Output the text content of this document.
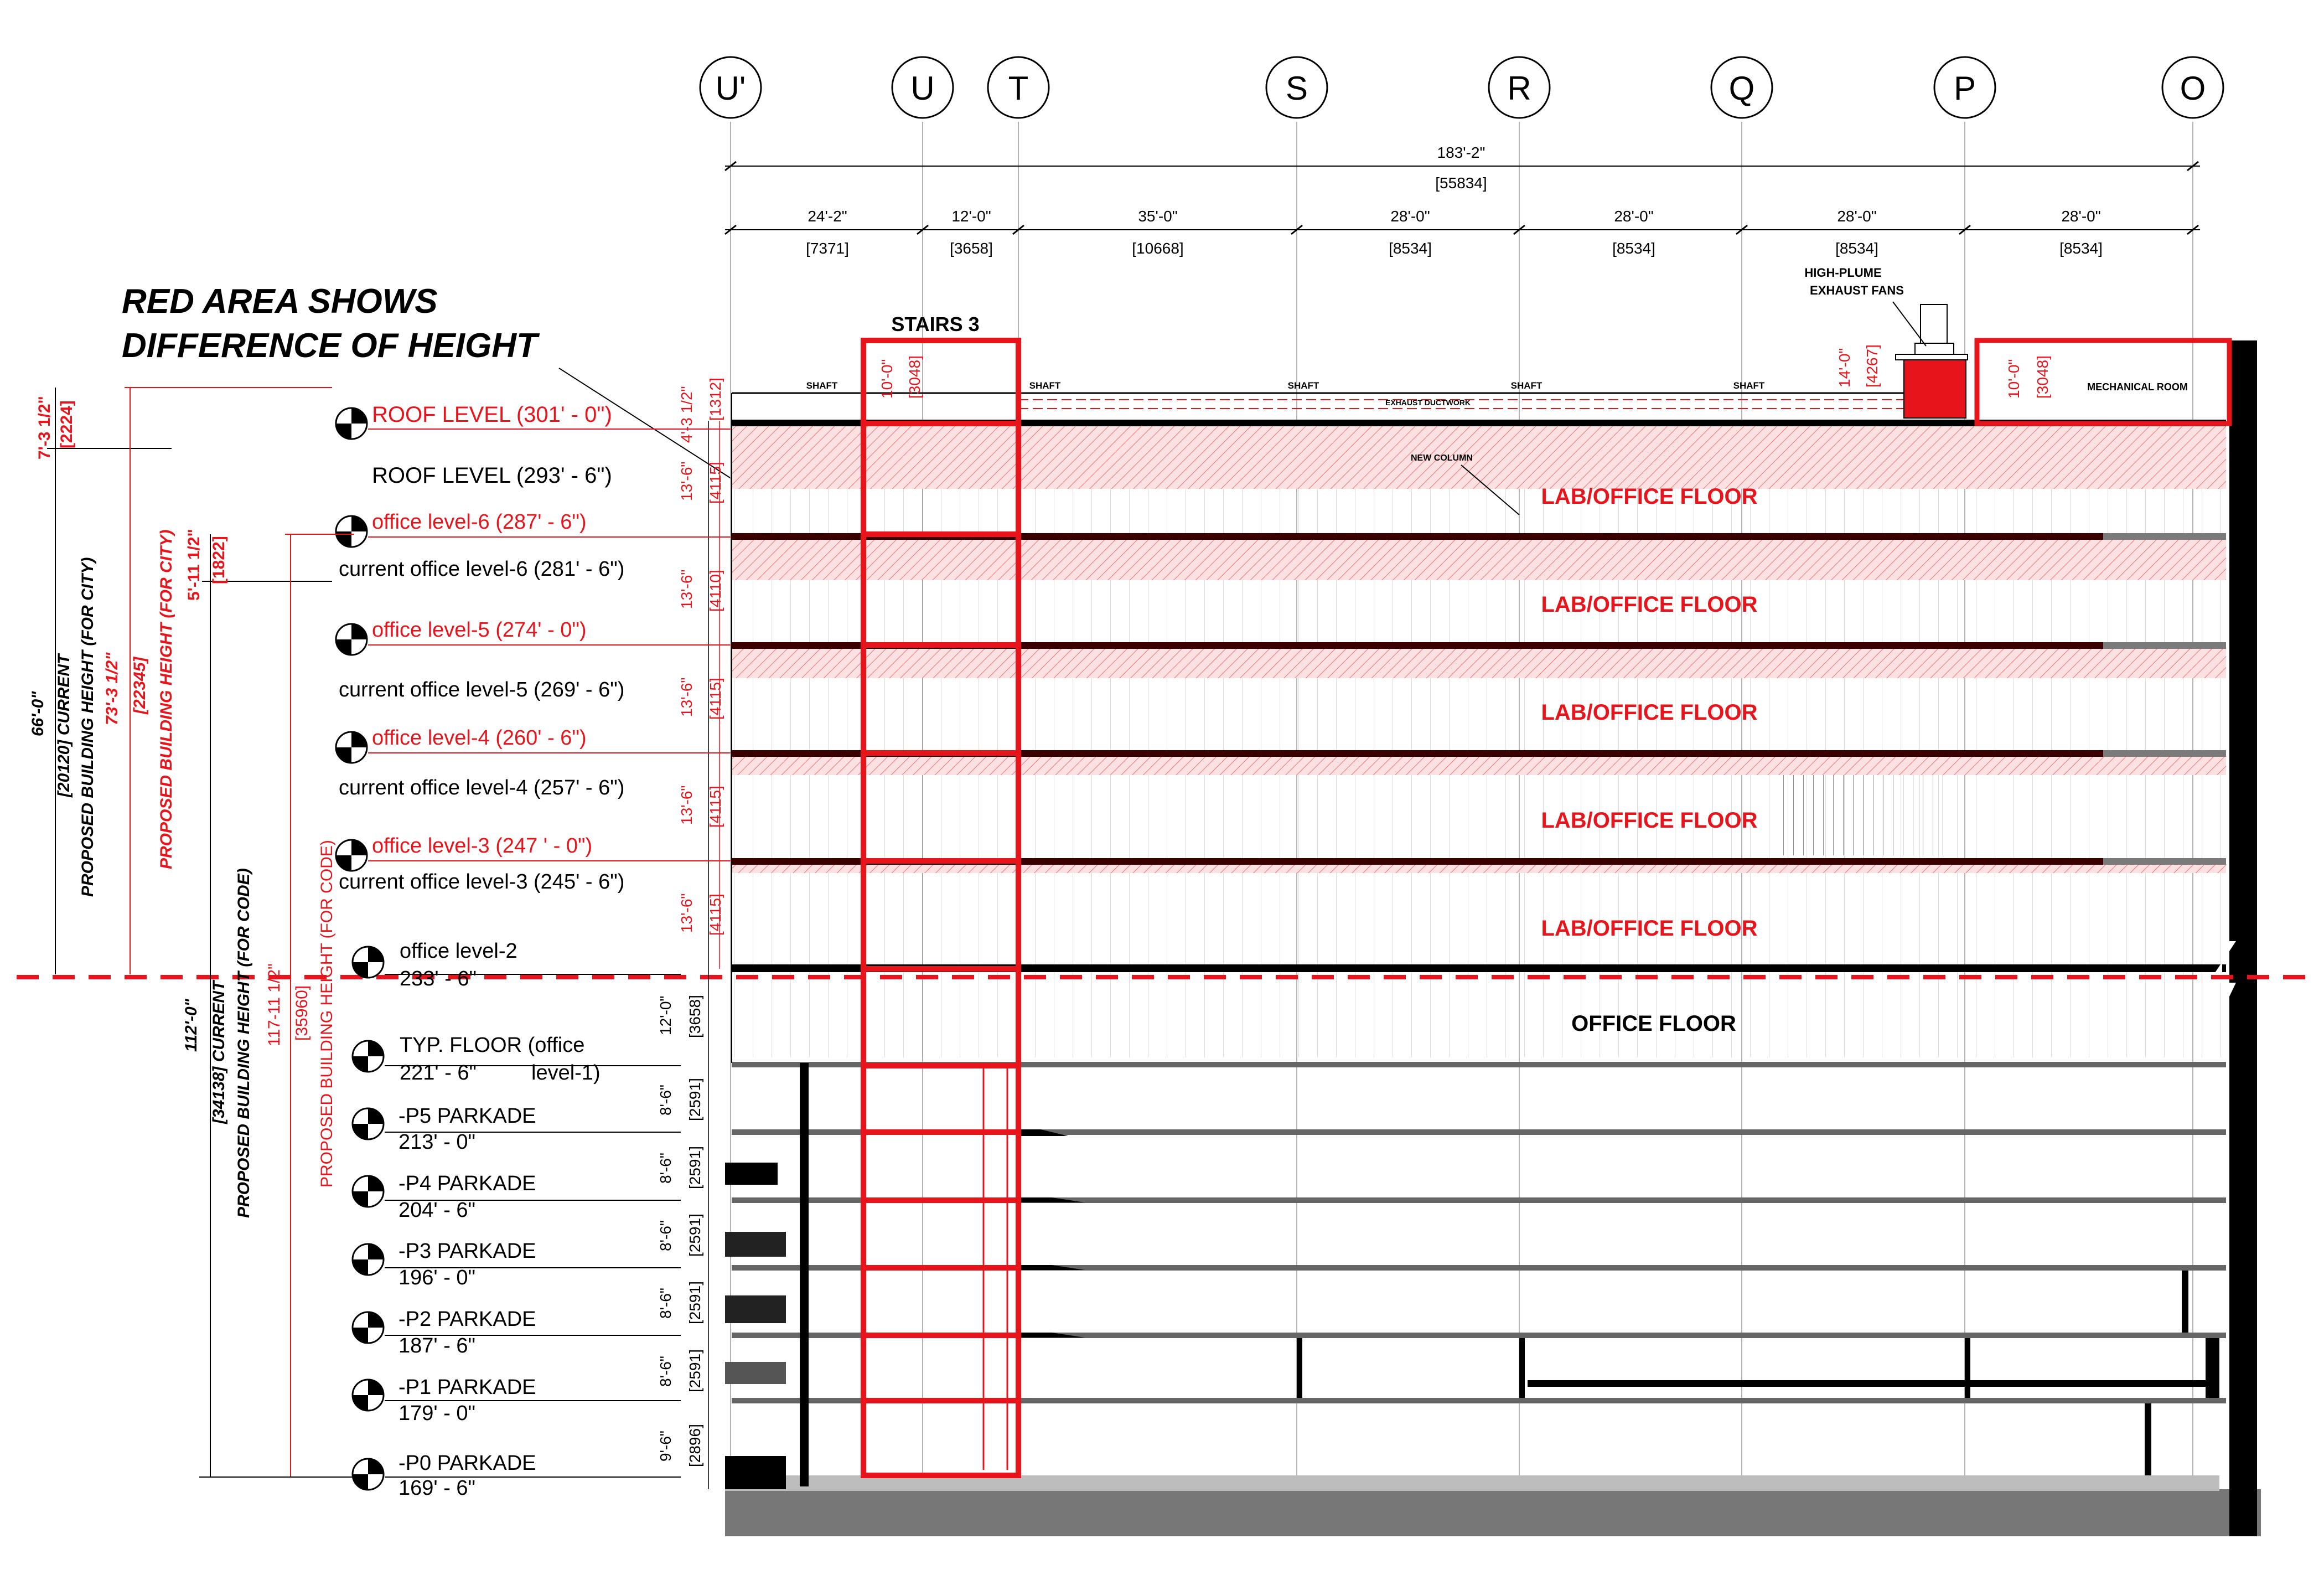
RED AREA SHOWS
DIFFERENCE OF HEIGHT
U'	U T	S	R	Q	P	O
183'-2"
[55834]
24'-2"
[7371]
12'-0"
[3658]
35'-0"
[10668]
28'-0"
[8534]
28'-0"
[8534]
28'-0"
[8534]
28'-0"
[8534]
STAIRS 3
10'-0" [3048]	MECHANICAL ROOM
10'-0" [3048]
HIGH-PLUME
EXHAUST FANS
14'-0" [4267]
SHAFT	SHAFT	SHAFT	SHAFT	SHAFT
EXHAUST DUCTWORK
NEW COLUMN
4'-3 1/2" [1312]
LAB/OFFICE FLOOR
LAB/OFFICE FLOOR
LAB/OFFICE FLOOR
LAB/OFFICE FLOOR
LAB/OFFICE FLOOR
OFFICE FLOOR
13'-6" [4115]
13'-6" [4110]
13'-6" [4115]
13'-6" [4115]
13'-6" [4115]
12'-0" [3658]
8'-6" [2591]
8'-6" [2591]
8'-6" [2591]
8'-6" [2591]
8'-6" [2591]
9'-6" [2896]
ROOF LEVEL (301' - 0")
ROOF LEVEL (293' - 6")
office level-6 (287' - 6")
current office level-6 (281' - 6")
office level-5 (274' - 0")
current office level-5 (269' - 6")
office level-4 (260' - 6")
current office level-4 (257' - 6")
office level-3 (247 ' - 0")
current office level-3 (245' - 6")
office level-2
233' - 6"
TYP. FLOOR (office
221' - 6"	level-1)
-P5 PARKADE
213' - 0"
-P4 PARKADE
204' - 6"
-P3 PARKADE
196' - 0"
-P2 PARKADE
187' - 6"
-P1 PARKADE
179' - 0"
-P0 PARKADE
169' - 6"
7'-3 1/2" [2224]
5'-11 1/2" [1822]
66'-0" [20120] CURRENT PROPOSED BUILDING HEIGHT (FOR CITY) 73'-3 1/2" [22345] PROPOSED BUILDING HEIGHT (FOR CITY)
112'-0" [34138] CURRENT PROPOSED BUILDING HEIGHT (FOR CODE) 117-11 1/2" [35960] PROPOSED BUILDING HEIGHT (FOR CODE)
